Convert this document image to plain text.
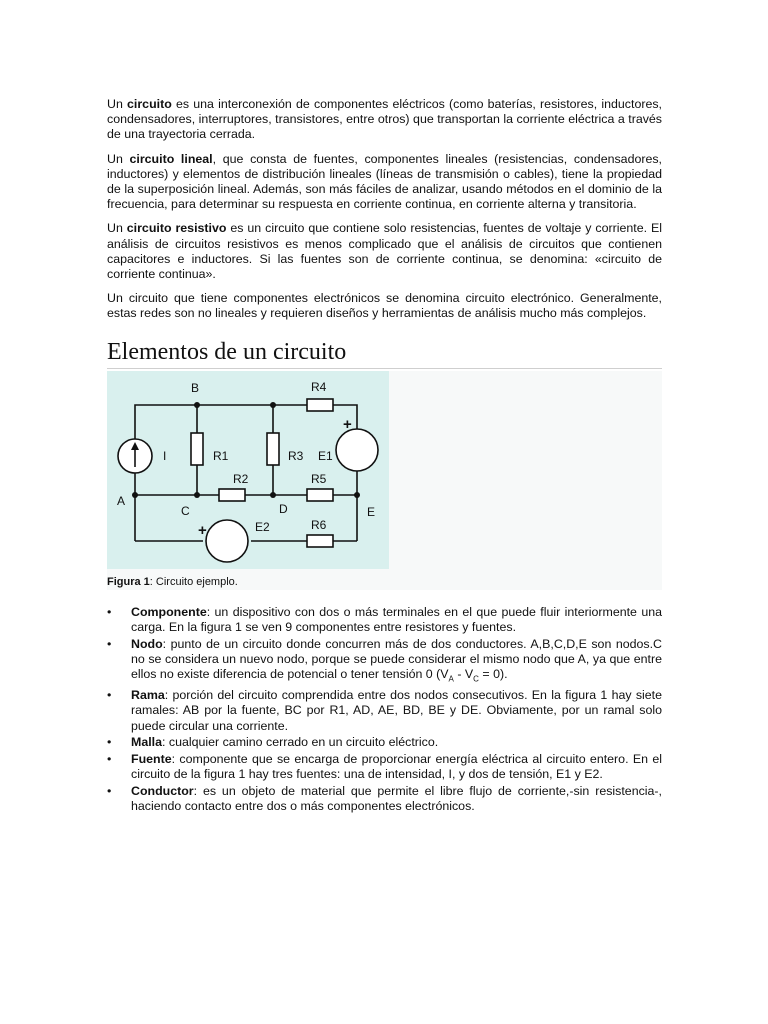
Un circuito es una interconexión de componentes eléctricos (como baterías, resistores, inductores, condensadores, interruptores, transistores, entre otros) que transportan la corriente eléctrica a través de una trayectoria cerrada.

Un circuito lineal, que consta de fuentes, componentes lineales (resistencias, condensadores, inductores) y elementos de distribución lineales (líneas de transmisión o cables), tiene la propiedad de la superposición lineal. Además, son más fáciles de analizar, usando métodos en el dominio de la frecuencia, para determinar su respuesta en corriente continua, en corriente alterna y transitoria.

Un circuito resistivo es un circuito que contiene solo resistencias, fuentes de voltaje y corriente. El análisis de circuitos resistivos es menos complicado que el análisis de circuitos que contienen capacitores e inductores. Si las fuentes son de corriente continua, se denomina: «circuito de corriente continua».

Un circuito que tiene componentes electrónicos se denomina circuito electrónico. Generalmente, estas redes son no lineales y requieren diseños y herramientas de análisis mucho más complejos.

Elementos de un circuito
B	R4
I	R1	R3 E1
+
R2	R5
A
C	D	E
E2
+	R6
Figura 1: Circuito ejemplo.
• Componente: un dispositivo con dos o más terminales en el que puede fluir interiormente una carga. En la figura 1 se ven 9 componentes entre resistores y fuentes.
• Nodo: punto de un circuito donde concurren más de dos conductores. A,B,C,D,E son nodos.C no se considera un nuevo nodo, porque se puede considerar el mismo nodo que A, ya que entre ellos no existe diferencia de potencial o tener tensión 0 $(V_A - V_C = 0)$.
• Rama: porción del circuito comprendida entre dos nodos consecutivos. En la figura 1 hay siete ramales: AB por la fuente, BC por R1, AD, AE, BD, BE y DE. Obviamente, por un ramal solo puede circular una corriente.
• Malla: cualquier camino cerrado en un circuito eléctrico.
• Fuente: componente que se encarga de proporcionar energía eléctrica al circuito entero. En el circuito de la figura 1 hay tres fuentes: una de intensidad, I, y dos de tensión, E1 y E2.
• Conductor: es un objeto de material que permite el libre flujo de corriente,-sin resistencia-, haciendo contacto entre dos o más componentes electrónicos.
